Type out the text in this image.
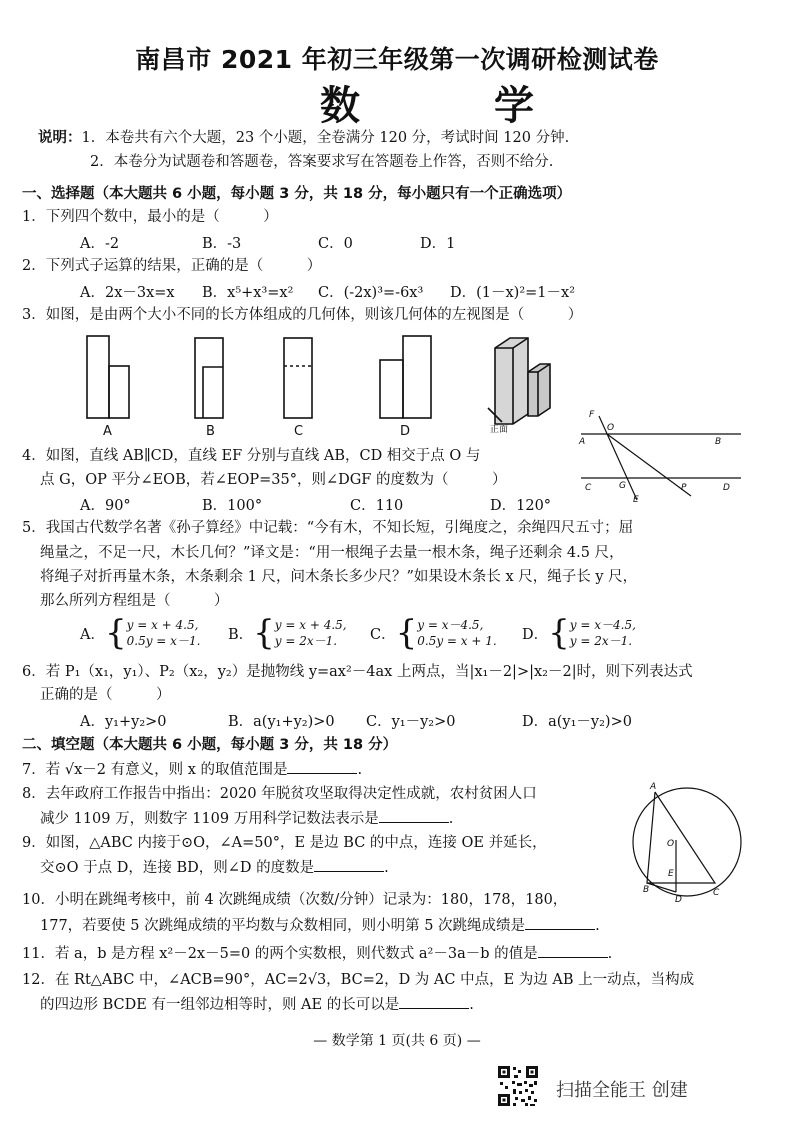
南昌市 2021 年初三年级第一次调研检测试卷
数 学
说明：1．本卷共有六个大题，23 个小题，全卷满分 120 分，考试时间 120 分钟.
2．本卷分为试题卷和答题卷，答案要求写在答题卷上作答，否则不给分.
一、选择题（本大题共 6 小题，每小题 3 分，共 18 分，每小题只有一个正确选项）
1．下列四个数中，最小的是（　　　）
A．-2	B．-3	C．0	D．1
2．下列式子运算的结果，正确的是（　　　）
A．2x－3x=x B．x⁵+x³=x² C．(-2x)³=-6x³ D．(1－x)²=1－x²
3．如图，是由两个大小不同的长方体组成的几何体，则该几何体的左视图是（　　　）
A	B	C	D	正面
4．如图，直线 AB∥CD，直线 EF 分别与直线 AB，CD 相交于点 O 与
点 G，OP 平分∠EOB，若∠EOP=35°，则∠DGF 的度数为（　　　）
A．90°	B．100°	C．110	D．120°
F
O
A	B
C	G
E
P	D
5．我国古代数学名著《孙子算经》中记载：“今有木，不知长短，引绳度之，余绳四尺五寸；屈
绳量之，不足一尺，木长几何？”译文是：“用一根绳子去量一根木条，绳子还剩余 4.5 尺，
将绳子对折再量木条，木条剩余 1 尺，问木条长多少尺？”如果设木条长 x 尺，绳子长 y 尺，
那么所列方程组是（　　　）
A． { y = x + 4.5,
0.5y = x－1. B． { y = x + 4.5,
y = 2x－1.	C． { y = x－4.5,
0.5y = x + 1. D． { y = x－4.5,
y = 2x－1.
6．若 P₁（x₁，y₁）、P₂（x₂，y₂）是抛物线 y=ax²－4ax 上两点，当|x₁－2|>|x₂－2|时，则下列表达式
正确的是（　　　）
A．y₁+y₂>0	B．a(y₁+y₂)>0 C．y₁－y₂>0	D．a(y₁－y₂)>0
二、填空题（本大题共 6 小题，每小题 3 分，共 18 分）
7．若 √x－2 有意义，则 x 的取值范围是	.
8．去年政府工作报告中指出：2020 年脱贫攻坚取得决定性成就，农村贫困人口
减少 1109 万，则数字 1109 万用科学记数法表示是	.
9．如图，△ABC 内接于⊙O，∠A=50°，E 是边 BC 的中点，连接 OE 并延长，
交⊙O 于点 D，连接 BD，则∠D 的度数是	.
A
O
E
B
D
C
10．小明在跳绳考核中，前 4 次跳绳成绩（次数/分钟）记录为：180，178，180，
177，若要使 5 次跳绳成绩的平均数与众数相同，则小明第 5 次跳绳成绩是	.
11．若 a，b 是方程 x²－2x－5=0 的两个实数根，则代数式 a²－3a－b 的值是	.
12．在 Rt△ABC 中，∠ACB=90°，AC=2√3，BC=2，D 为 AC 中点，E 为边 AB 上一动点，当构成
的四边形 BCDE 有一组邻边相等时，则 AE 的长可以是	.
— 数学第 1 页(共 6 页) —
扫描全能王 创建
